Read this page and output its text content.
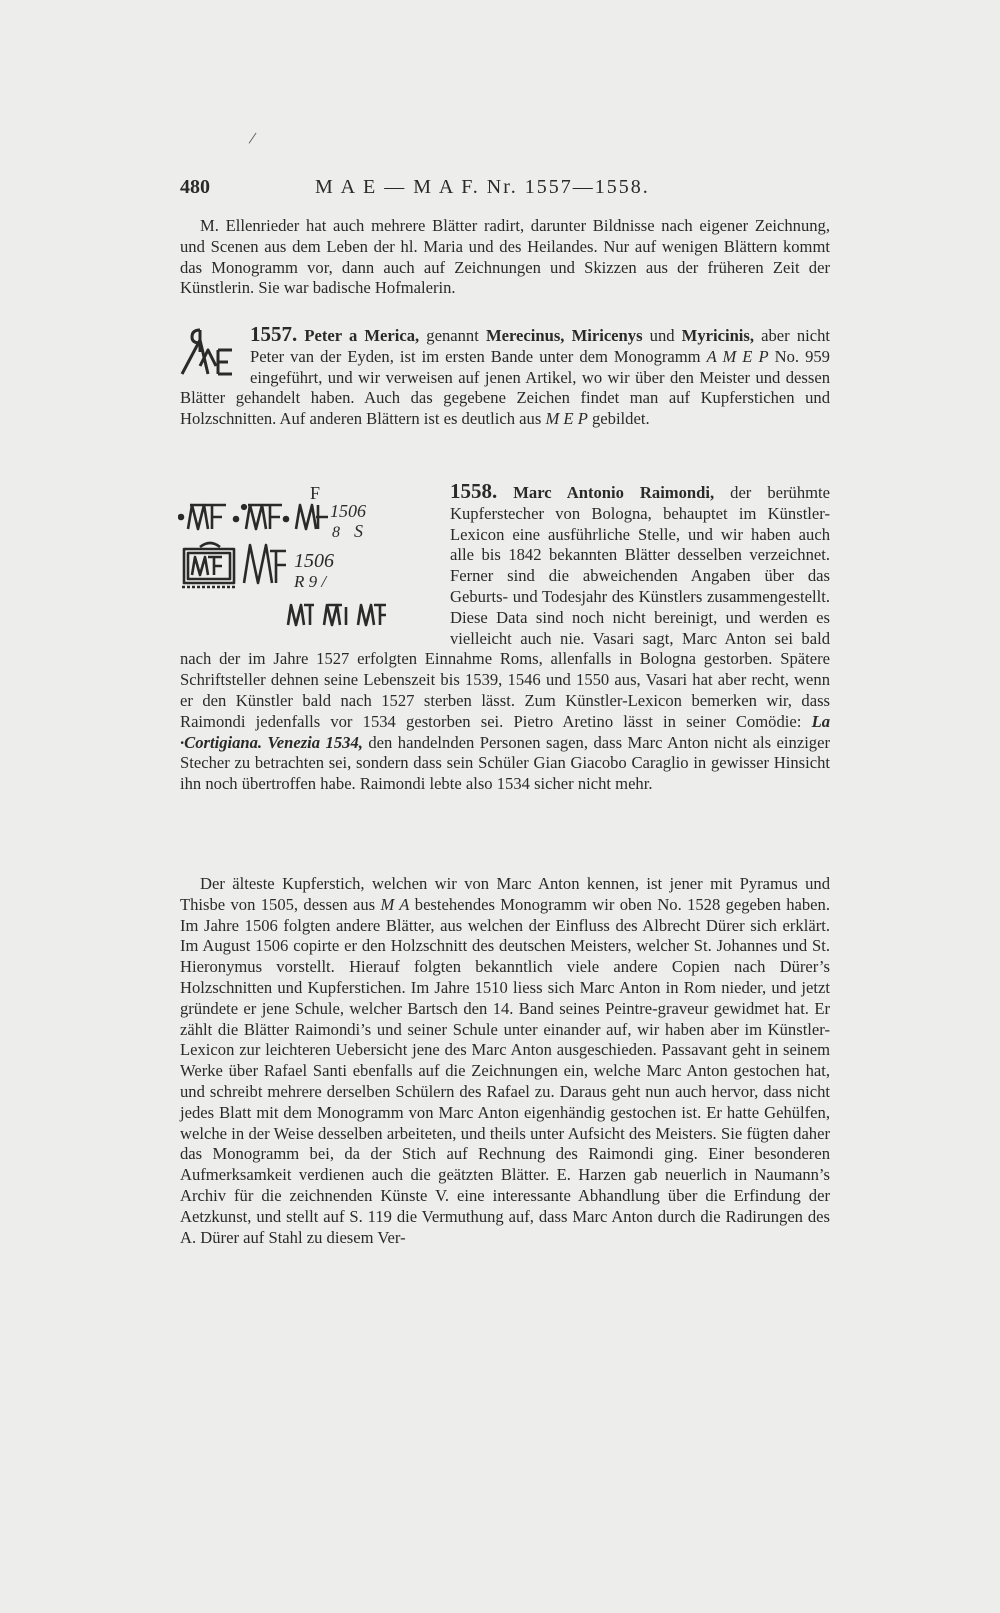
/
480	M A E — M A F. Nr. 1557—1558.

M. Ellenrieder hat auch mehrere Blätter radirt, darunter Bildnisse nach eigener Zeichnung, und Scenen aus dem Leben der hl. Maria und des Heilandes. Nur auf wenigen Blättern kommt das Monogramm vor, dann auch auf Zeichnungen und Skizzen aus der früheren Zeit der Künstlerin. Sie war badische Hofmalerin.

1557. Peter a Merica, genannt Merecinus, Miricenys und
Myricinis, aber nicht Peter van der Eyden, ist im ersten Bande unter dem Monogramm A M E P No. 959 eingeführt, und wir verweisen auf jenen Artikel, wo wir über den Meister und dessen Blätter gehandelt haben. Auch das gegebene Zeichen findet man auf Kupferstichen und Holzschnitten. Auf anderen Blättern ist es deutlich aus M E P gebildet.

1558. Marc Antonio Raimondi,
F
1506
8 S
1506
R 9 /
der berühmte Kupferstecher von Bologna, behauptet im Künstler-Lexicon eine ausführliche Stelle, und wir haben auch alle bis 1842 bekannten Blätter desselben verzeichnet. Ferner sind die abweichenden Angaben über das Geburts- und Todesjahr des Künstlers zusammengestellt. Diese Data sind noch nicht bereinigt, und werden es vielleicht auch nie. Vasari sagt, Marc Anton sei bald nach der im Jahre 1527 erfolgten Einnahme Roms, allenfalls in Bologna gestorben. Spätere Schriftsteller dehnen seine Lebenszeit bis 1539, 1546 und 1550 aus, Vasari hat aber recht, wenn er den Künstler bald nach 1527 sterben lässt. Zum Künstler-Lexicon bemerken wir, dass Raimondi jedenfalls vor 1534 gestorben sei. Pietro Aretino lässt in seiner Comödie: La ·Cortigiana. Venezia 1534, den handelnden Personen sagen, dass Marc Anton nicht als einziger Stecher zu betrachten sei, sondern dass sein Schüler Gian Giacobo Caraglio in gewisser Hinsicht ihn noch übertroffen habe. Raimondi lebte also 1534 sicher nicht mehr.

Der älteste Kupferstich, welchen wir von Marc Anton kennen, ist jener mit Pyramus und Thisbe von 1505, dessen aus M A bestehendes Monogramm wir oben No. 1528 gegeben haben. Im Jahre 1506 folgten andere Blätter, aus welchen der Einfluss des Albrecht Dürer sich erklärt. Im August 1506 copirte er den Holzschnitt des deutschen Meisters, welcher St. Johannes und St. Hieronymus vorstellt. Hierauf folgten bekanntlich viele andere Copien nach Dürer’s Holzschnitten und Kupferstichen. Im Jahre 1510 liess sich Marc Anton in Rom nieder, und jetzt gründete er jene Schule, welcher Bartsch den 14. Band seines Peintre-graveur gewidmet hat. Er zählt die Blätter Raimondi’s und seiner Schule unter einander auf, wir haben aber im Künstler-Lexicon zur leichteren Uebersicht jene des Marc Anton ausgeschieden. Passavant geht in seinem Werke über Rafael Santi ebenfalls auf die Zeichnungen ein, welche Marc Anton gestochen hat, und schreibt mehrere derselben Schülern des Rafael zu. Daraus geht nun auch hervor, dass nicht jedes Blatt mit dem Monogramm von Marc Anton eigenhändig gestochen ist. Er hatte Gehülfen, welche in der Weise desselben arbeiteten, und theils unter Aufsicht des Meisters. Sie fügten daher das Monogramm bei, da der Stich auf Rechnung des Raimondi ging. Einer besonderen Aufmerksamkeit verdienen auch die geätzten Blätter. E. Harzen gab neuerlich in Naumann’s Archiv für die zeichnenden Künste V. eine interessante Abhandlung über die Erfindung der Aetzkunst, und stellt auf S. 119 die Vermuthung auf, dass Marc Anton durch die Radirungen des A. Dürer auf Stahl zu diesem Ver-
